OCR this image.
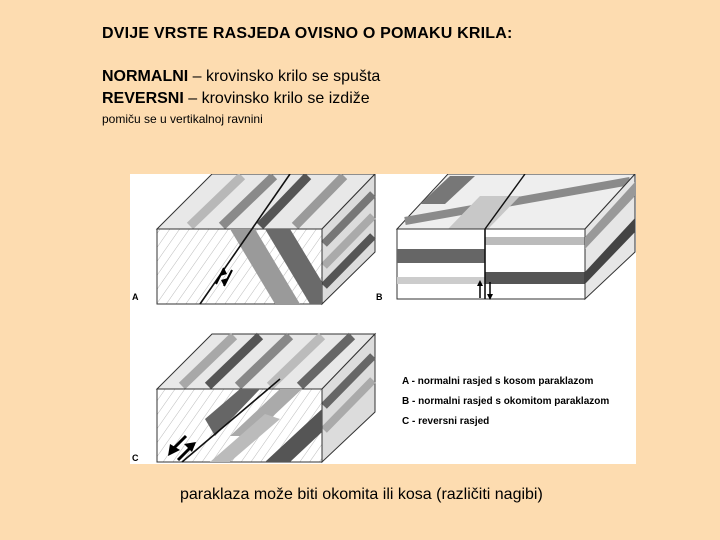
DVIJE VRSTE RASJEDA OVISNO O POMAKU KRILA:
NORMALNI – krovinsko krilo se spušta
REVERSNI – krovinsko krilo se izdiže
pomiču se u vertikalnoj ravnini
A	B
C
A - normalni rasjed s kosom paraklazom
B - normalni rasjed s okomitom paraklazom
C - reversni rasjed
paraklaza može biti okomita ili kosa (različiti nagibi)
